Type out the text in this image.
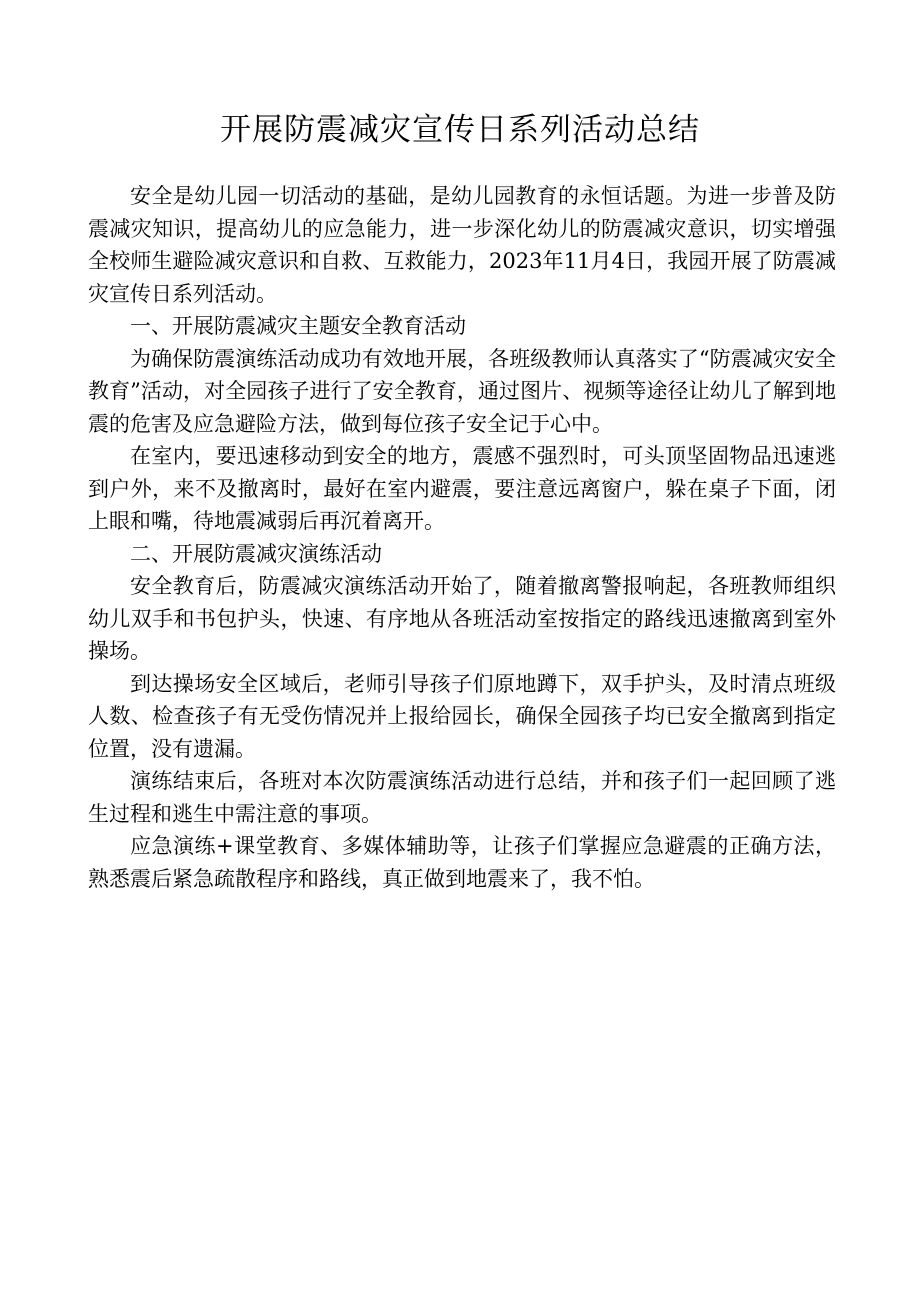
开展防震减灾宣传日系列活动总结

安全是幼儿园一切活动的基础，是幼儿园教育的永恒话题。为进一步普及防震减灾知识，提高幼儿的应急能力，进一步深化幼儿的防震减灾意识，切实增强全校师生避险减灾意识和自救、互救能力，2023年11月4日，我园开展了防震减灾宣传日系列活动。

一、开展防震减灾主题安全教育活动

为确保防震演练活动成功有效地开展，各班级教师认真落实了“防震减灾安全教育”活动，对全园孩子进行了安全教育，通过图片、视频等途径让幼儿了解到地震的危害及应急避险方法，做到每位孩子安全记于心中。

在室内，要迅速移动到安全的地方，震感不强烈时，可头顶坚固物品迅速逃到户外，来不及撤离时，最好在室内避震，要注意远离窗户，躲在桌子下面，闭上眼和嘴，待地震减弱后再沉着离开。

二、开展防震减灾演练活动

安全教育后，防震减灾演练活动开始了，随着撤离警报响起，各班教师组织幼儿双手和书包护头，快速、有序地从各班活动室按指定的路线迅速撤离到室外操场。

到达操场安全区域后，老师引导孩子们原地蹲下，双手护头，及时清点班级人数、检查孩子有无受伤情况并上报给园长，确保全园孩子均已安全撤离到指定位置，没有遗漏。

演练结束后，各班对本次防震演练活动进行总结，并和孩子们一起回顾了逃生过程和逃生中需注意的事项。

应急演练+课堂教育、多媒体辅助等，让孩子们掌握应急避震的正确方法，熟悉震后紧急疏散程序和路线，真正做到地震来了，我不怕。
